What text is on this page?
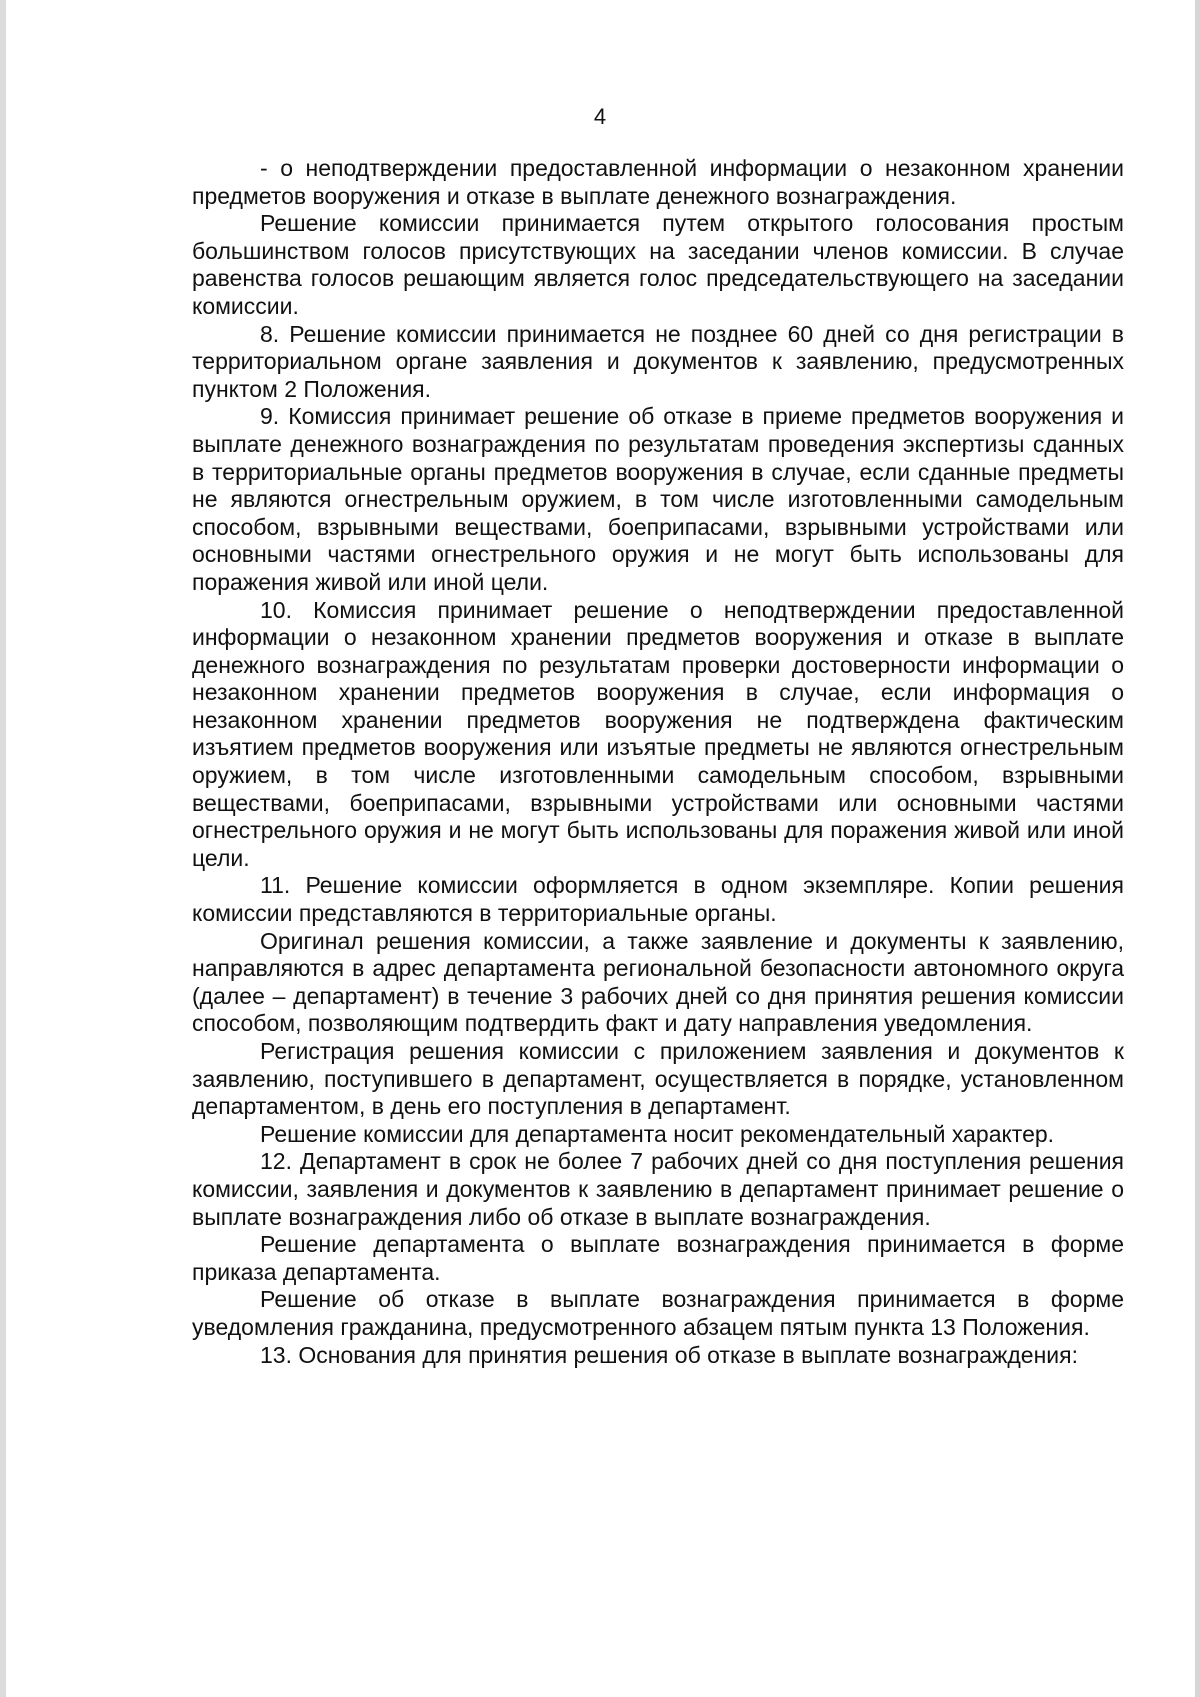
4

- о неподтверждении предоставленной информации о незаконном хранении предметов вооружения и отказе в выплате денежного вознаграждения.

Решение комиссии принимается путем открытого голосования простым большинством голосов присутствующих на заседании членов комиссии. В случае равенства голосов решающим является голос председательствующего на заседании комиссии.

8. Решение комиссии принимается не позднее 60 дней со дня регистрации в территориальном органе заявления и документов к заявлению, предусмотренных пунктом 2 Положения.

9. Комиссия принимает решение об отказе в приеме предметов вооружения и выплате денежного вознаграждения по результатам проведения экспертизы сданных в территориальные органы предметов вооружения в случае, если сданные предметы не являются огнестрельным оружием, в том числе изготовленными самодельным способом, взрывными веществами, боеприпасами, взрывными устройствами или основными частями огнестрельного оружия и не могут быть использованы для поражения живой или иной цели.

10. Комиссия принимает решение о неподтверждении предоставленной информации о незаконном хранении предметов вооружения и отказе в выплате денежного вознаграждения по результатам проверки достоверности информации о незаконном хранении предметов вооружения в случае, если информация о незаконном хранении предметов вооружения не подтверждена фактическим изъятием предметов вооружения или изъятые предметы не являются огнестрельным оружием, в том числе изготовленными самодельным способом, взрывными веществами, боеприпасами, взрывными устройствами или основными частями огнестрельного оружия и не могут быть использованы для поражения живой или иной цели.

11. Решение комиссии оформляется в одном экземпляре. Копии решения комиссии представляются в территориальные органы.

Оригинал решения комиссии, а также заявление и документы к заявлению, направляются в адрес департамента региональной безопасности автономного округа (далее – департамент) в течение 3 рабочих дней со дня принятия решения комиссии способом, позволяющим подтвердить факт и дату направления уведомления.

Регистрация решения комиссии с приложением заявления и документов к заявлению, поступившего в департамент, осуществляется в порядке, установленном департаментом, в день его поступления в департамент.

Решение комиссии для департамента носит рекомендательный характер.

12. Департамент в срок не более 7 рабочих дней со дня поступления решения комиссии, заявления и документов к заявлению в департамент принимает решение о выплате вознаграждения либо об отказе в выплате вознаграждения.

Решение департамента о выплате вознаграждения принимается в форме приказа департамента.

Решение об отказе в выплате вознаграждения принимается в форме уведомления гражданина, предусмотренного абзацем пятым пункта 13 Положения.

13. Основания для принятия решения об отказе в выплате вознаграждения:
